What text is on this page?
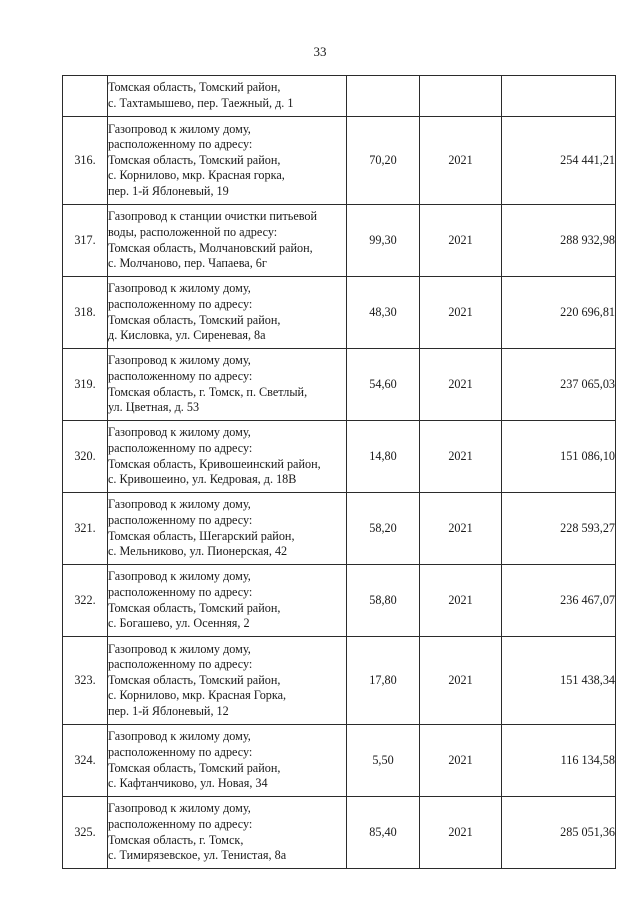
33

	Томская область, Томский район,
с. Тахтамышево, пер. Таежный, д. 1			

316.	Газопровод к жилому дому,
расположенному по адресу:
Томская область, Томский район,
с. Корнилово, мкр. Красная горка,
пер. 1-й Яблоневый, 19	70,20	2021	254 441,21
317.	Газопровод к станции очистки питьевой
воды, расположенной по адресу:
Томская область, Молчановский район,
с. Молчаново, пер. Чапаева, 6г	99,30	2021	288 932,98
318.	Газопровод к жилому дому,
расположенному по адресу:
Томская область, Томский район,
д. Кисловка, ул. Сиреневая, 8а	48,30	2021	220 696,81
319.	Газопровод к жилому дому,
расположенному по адресу:
Томская область, г. Томск, п. Светлый,
ул. Цветная, д. 53	54,60	2021	237 065,03
320.	Газопровод к жилому дому,
расположенному по адресу:
Томская область, Кривошеинский район,
с. Кривошеино, ул. Кедровая, д. 18В	14,80	2021	151 086,10
321.	Газопровод к жилому дому,
расположенному по адресу:
Томская область, Шегарский район,
с. Мельниково, ул. Пионерская, 42	58,20	2021	228 593,27
322.	Газопровод к жилому дому,
расположенному по адресу:
Томская область, Томский район,
с. Богашево, ул. Осенняя, 2	58,80	2021	236 467,07
323.	Газопровод к жилому дому,
расположенному по адресу:
Томская область, Томский район,
с. Корнилово, мкр. Красная Горка,
пер. 1-й Яблоневый, 12	17,80	2021	151 438,34
324.	Газопровод к жилому дому,
расположенному по адресу:
Томская область, Томский район,
с. Кафтанчиково, ул. Новая, 34	5,50	2021	116 134,58
325.	Газопровод к жилому дому,
расположенному по адресу:
Томская область, г. Томск,
с. Тимирязевское, ул. Тенистая, 8а	85,40	2021	285 051,36
